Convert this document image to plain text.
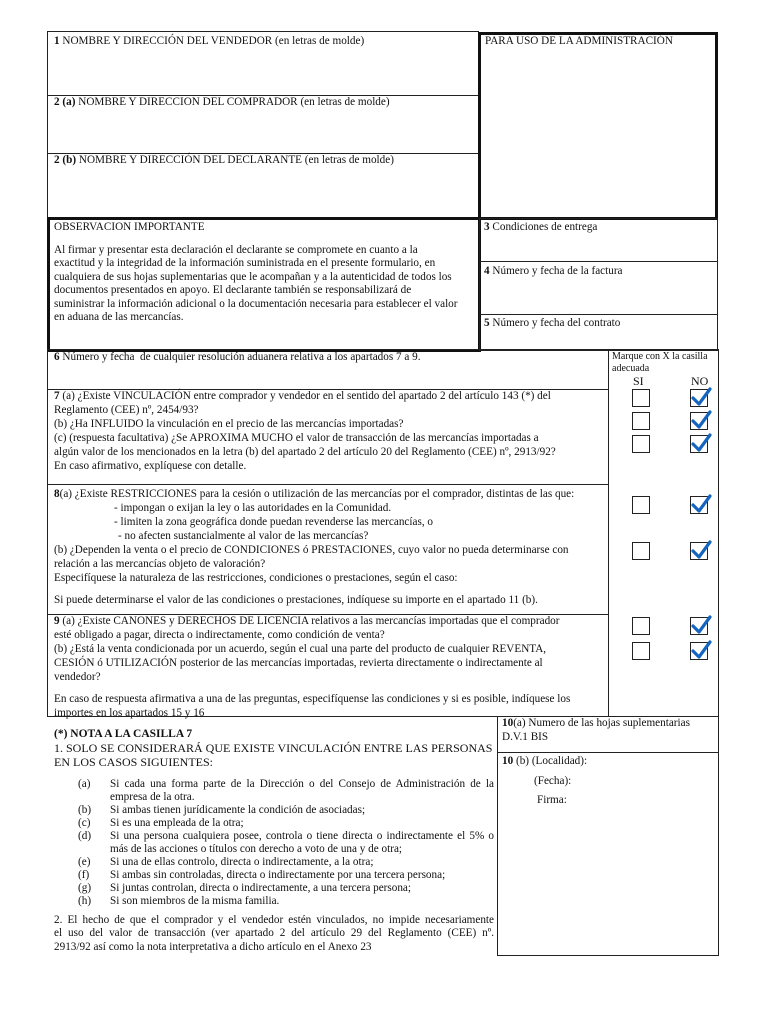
1 NOMBRE Y DIRECCIÓN DEL VENDEDOR (en letras de molde)
2 (a) NOMBRE Y DIRECCION DEL COMPRADOR (en letras de molde)
2 (b) NOMBRE Y DIRECCIÓN DEL DECLARANTE (en letras de molde)
PARA USO DE LA ADMINISTRACIÓN
OBSERVACION IMPORTANTE
Al firmar y presentar esta declaración el declarante se compromete en cuanto a la
exactitud y la integridad de la información suministrada en el presente formulario, en
cualquiera de sus hojas suplementarias que le acompañan y a la autenticidad de todos los
documentos presentados en apoyo. El declarante también se responsabilizará de
suministrar la información adicional o la documentación necesaria para establecer el valor
en aduana de las mercancías.
3 Condiciones de entrega
4 Número y fecha de la factura
5 Número y fecha del contrato
6 Número y fecha  de cualquier resolución aduanera relativa a los apartados 7 a 9.	Marque con X la casilla
adecuada
SI	NO
7 (a) ¿Existe VINCULACIÓN entre comprador y vendedor en el sentido del apartado 2 del artículo 143 (*) del
Reglamento (CEE) nº, 2454/93?
(b) ¿Ha INFLUIDO la vinculación en el precio de las mercancías importadas?
(c) (respuesta facultativa) ¿Se APROXIMA MUCHO el valor de transacción de las mercancías importadas a
algún valor de los mencionados en la letra (b) del apartado 2 del artículo 20 del Reglamento (CEE) nº, 2913/92?
En caso afirmativo, explíquese con detalle.
8(a) ¿Existe RESTRICCIONES para la cesión o utilización de las mercancías por el comprador, distintas de las que:
- impongan o exijan la ley o las autoridades en la Comunidad.
- limiten la zona geográfica donde puedan revenderse las mercancías, o
- no afecten sustancialmente al valor de las mercancías?
(b) ¿Dependen la venta o el precio de CONDICIONES ó PRESTACIONES, cuyo valor no pueda determinarse con
relación a las mercancías objeto de valoración?
Especifíquese la naturaleza de las restricciones, condiciones o prestaciones, según el caso:
Si puede determinarse el valor de las condiciones o prestaciones, indíquese su importe en el apartado 11 (b).
9 (a) ¿Existe CANONES y DERECHOS DE LICENCIA relativos a las mercancías importadas que el comprador
esté obligado a pagar, directa o indirectamente, como condición de venta?
(b) ¿Está la venta condicionada por un acuerdo, según el cual una parte del producto de cualquier REVENTA,
CESIÓN ó UTILIZACIÓN posterior de las mercancías importadas, revierta directamente o indirectamente al
vendedor?
En caso de respuesta afirmativa a una de las preguntas, especifíquense las condiciones y si es posible, indíquese los
importes en los apartados 15 y 16
10(a) Numero de las hojas suplementarias
D.V.1 BIS
10 (b) (Localidad):
(Fecha):
Firma:
(*) NOTA A LA CASILLA 7
1. SOLO SE CONSIDERARÁ QUE EXISTE VINCULACIÓN ENTRE LAS PERSONAS
EN LOS CASOS SIGUIENTES:
(a) Si cada una forma parte de la Dirección o del Consejo de Administración de la
empresa de la otra.
(b) Si ambas tienen jurídicamente la condición de asociadas;
(c) Si es una empleada de la otra;
(d) Si una persona cualquiera posee, controla o tiene directa o indirectamente el 5% o
más de las acciones o títulos con derecho a voto de una y de otra;
(e) Si una de ellas controlo, directa o indirectamente, a la otra;
(f) Si ambas sin controladas, directa o indirectamente por una tercera persona;
(g) Si juntas controlan, directa o indirectamente, a una tercera persona;
(h) Si son miembros de la misma familia.
2. El hecho de que el comprador y el vendedor estén vinculados, no impide necesariamente
el uso del valor de transacción (ver apartado 2 del artículo 29 del Reglamento (CEE) nº.
2913/92 así como la nota interpretativa a dicho artículo en el Anexo 23
